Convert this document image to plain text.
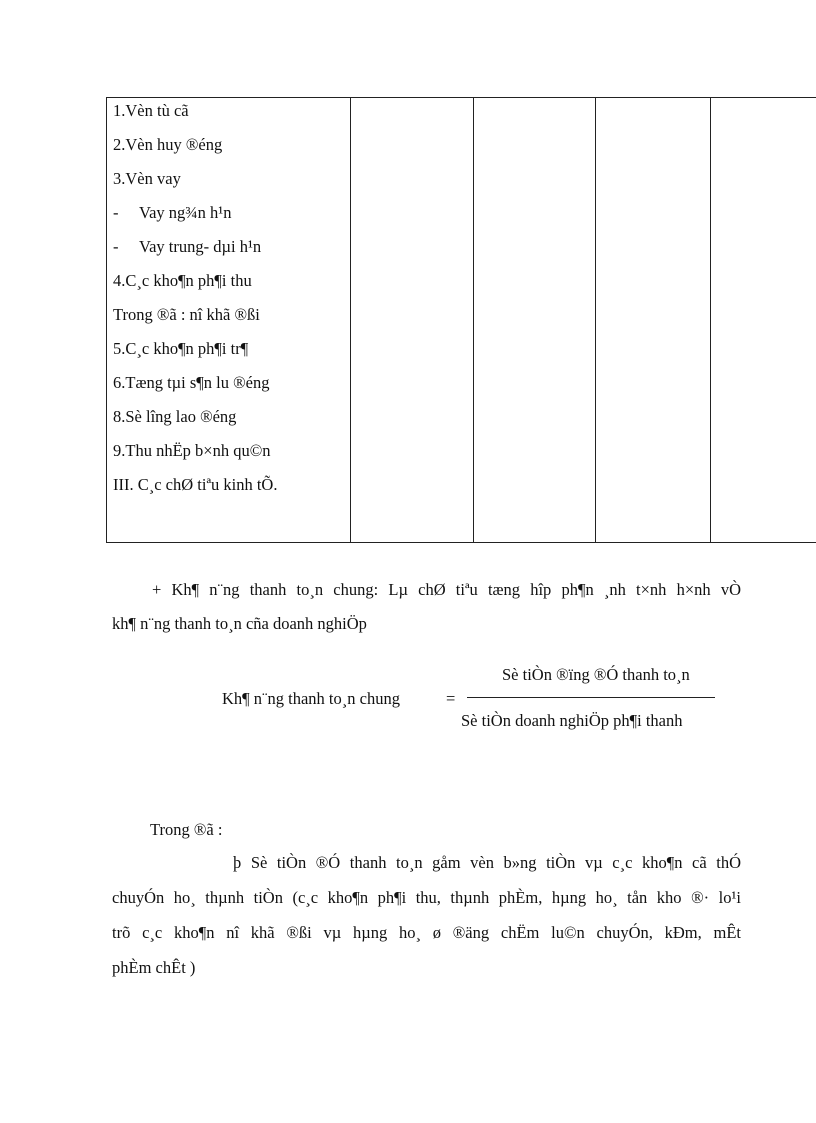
1.Vèn tù cã
2.Vèn huy ®éng
3.Vèn vay
- Vay ng¾n h¹n
- Vay trung- dµi h¹n
4.C¸c kho¶n ph¶i thu
Trong ®ã : nî khã ®ßi
5.C¸c kho¶n ph¶i tr¶
6.Tæng tµi s¶n lu ®éng
8.Sè lîng lao ®éng
9.Thu nhËp b×nh qu©n
III. C¸c chØ tiªu kinh tÕ.
+ Kh¶ n¨ng thanh to¸n chung: Lµ chØ tiªu tæng hîp ph¶n ¸nh t×nh h×nh vÒ
kh¶ n¨ng thanh to¸n cña doanh nghiÖp
Kh¶ n¨ng thanh to¸n chung	=
Sè tiÒn ®ïng ®Ó thanh to¸n
Sè tiÒn doanh nghiÖp ph¶i thanh
Trong ®ã :
þ Sè tiÒn ®Ó thanh to¸n gåm vèn b»ng tiÒn vµ c¸c kho¶n cã thÓ
chuyÓn ho¸ thµnh tiÒn (c¸c kho¶n ph¶i thu, thµnh phÈm, hµng ho¸ tån kho ®· lo¹i
trõ c¸c kho¶n nî khã ®ßi vµ hµng ho¸ ø ®äng chËm lu©n chuyÓn, kÐm, mÊt
phÈm chÊt )
